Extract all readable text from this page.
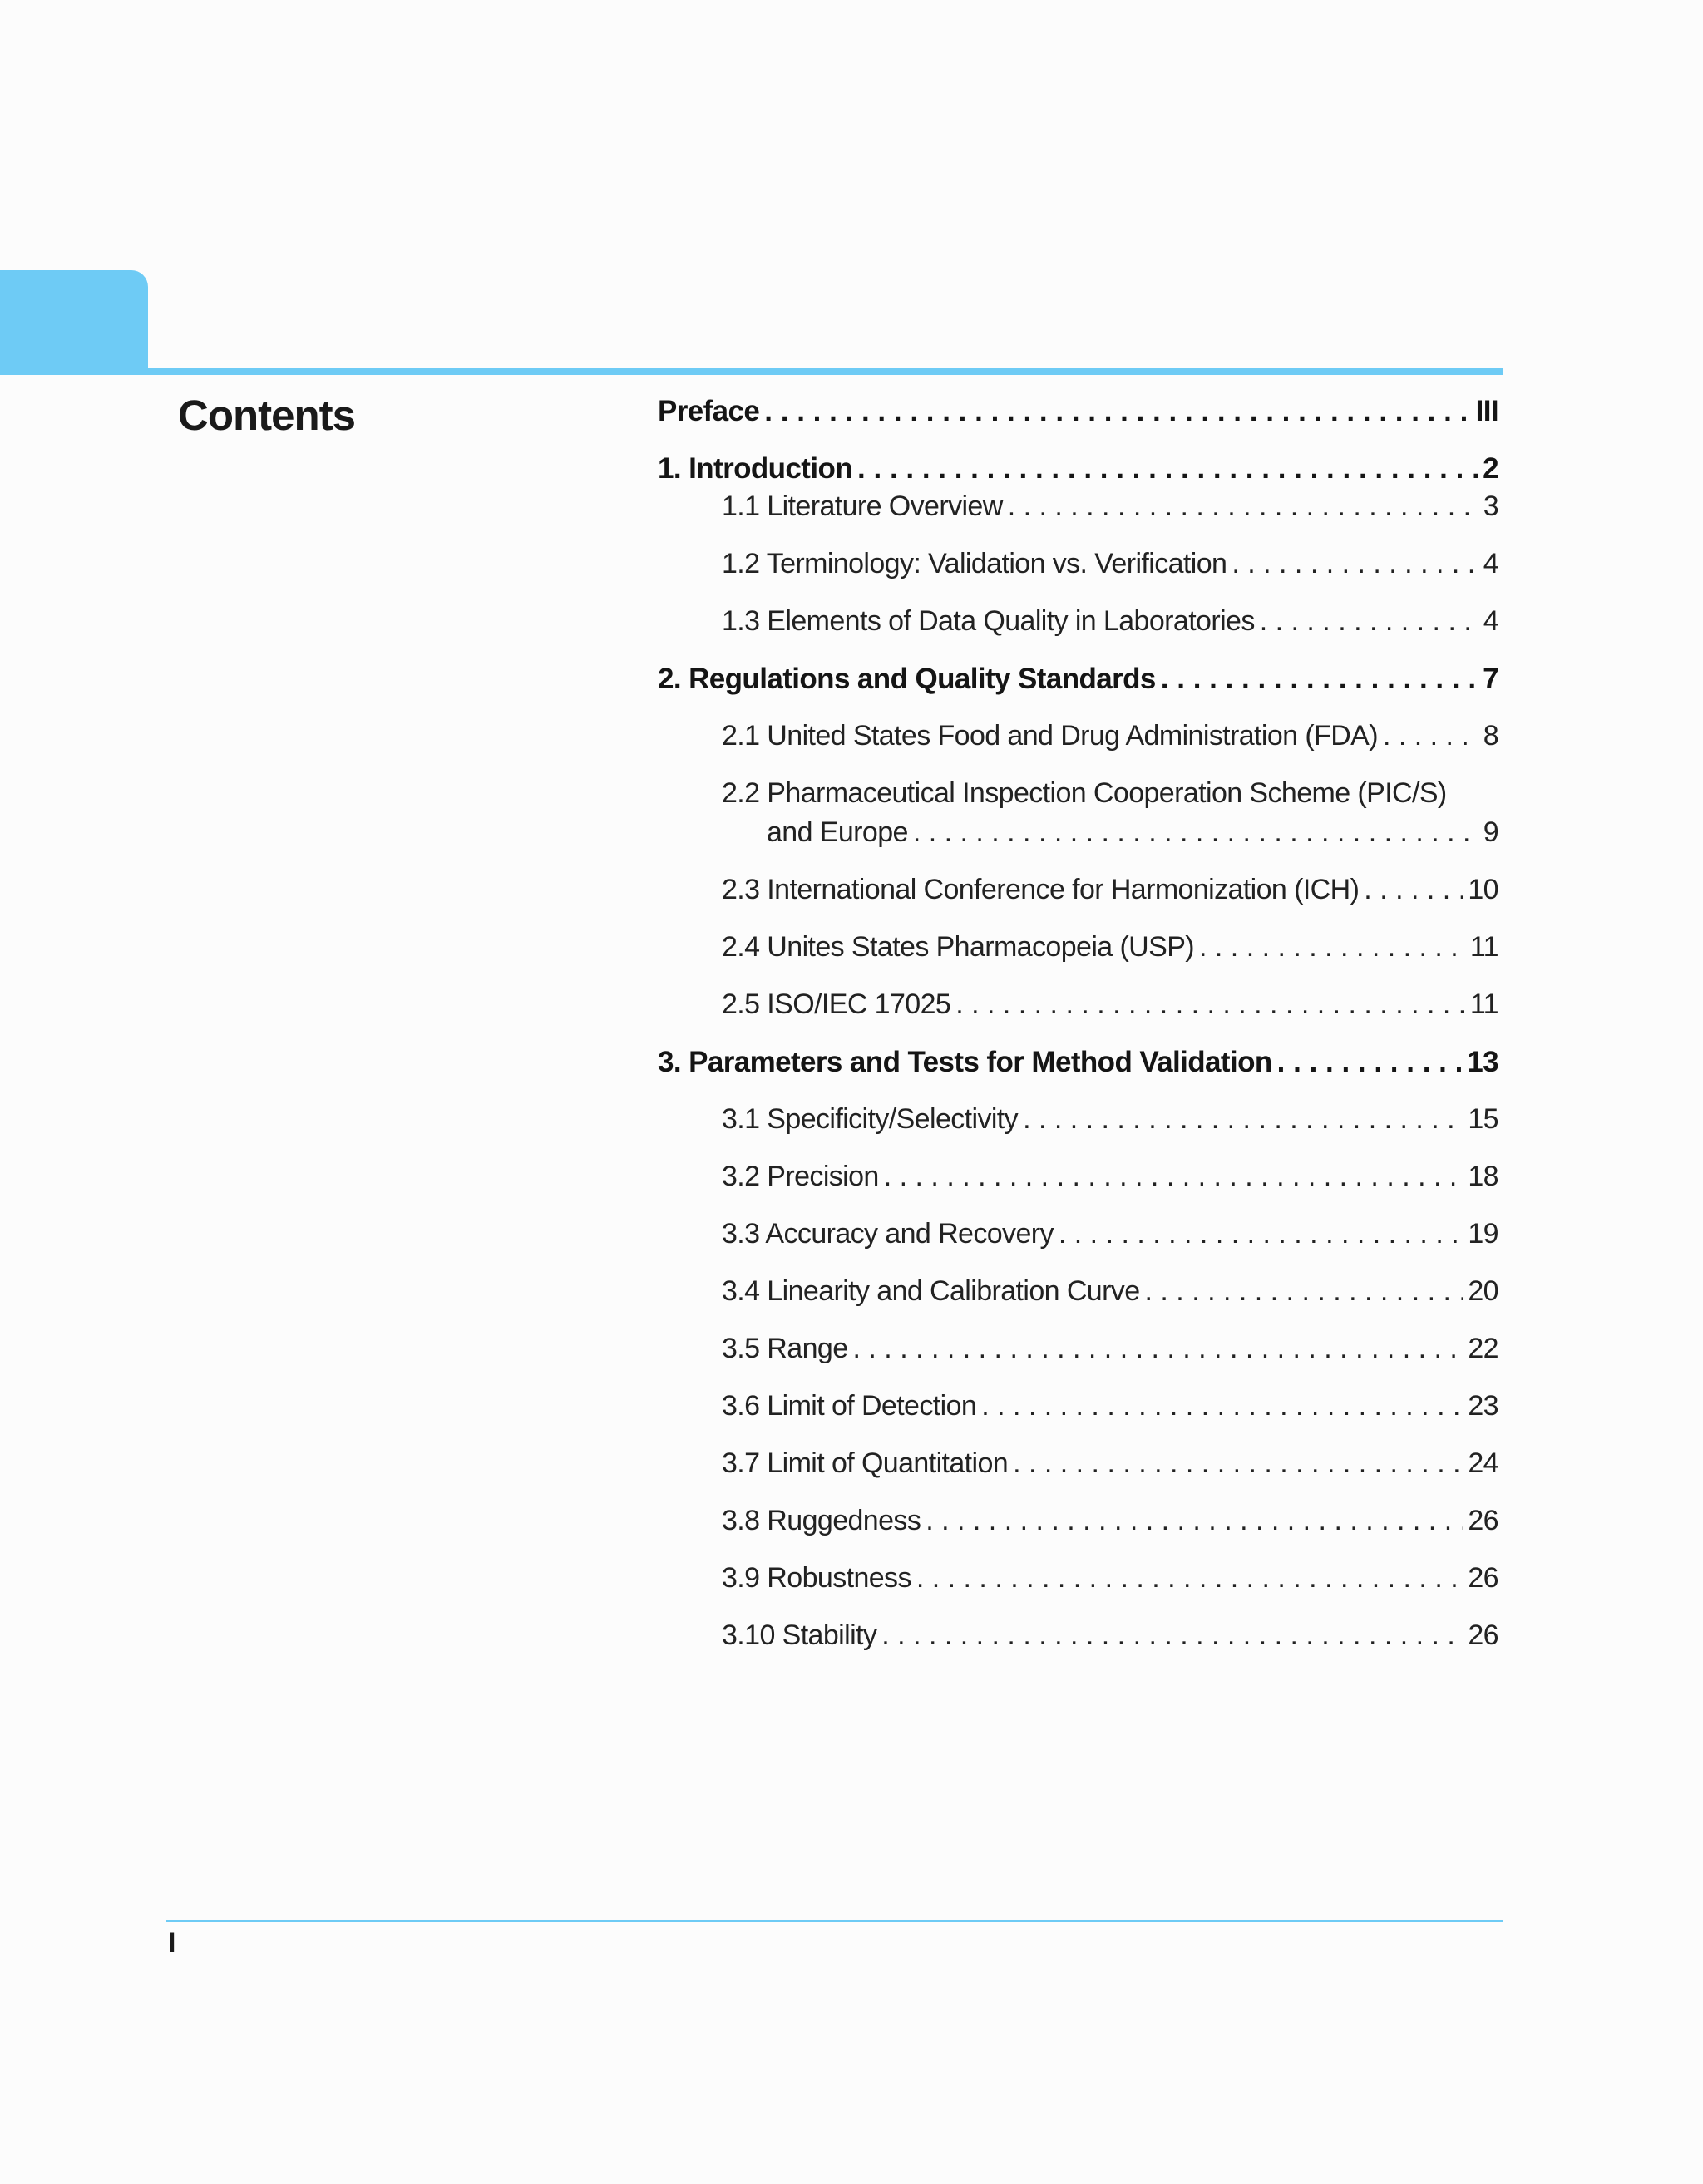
Contents	Preface . . .	III
1. Introduction . . .	2
1.1 Literature Overview . . .	3
1.2 Terminology: Validation vs. Verification . . .	4
1.3 Elements of Data Quality in Laboratories . . .	4
2. Regulations and Quality Standards . . .	7
2.1 United States Food and Drug Administration (FDA) . . .	8
2.2 Pharmaceutical Inspection Cooperation Scheme (PIC/S)
and Europe . . .	9
2.3 International Conference for Harmonization (ICH) . . .	10
2.4 Unites States Pharmacopeia (USP) . . .	11
2.5 ISO/IEC 17025 . . .	11
3. Parameters and Tests for Method Validation . . .	13
3.1 Specificity/Selectivity . . .	15
3.2 Precision . . .	18
3.3 Accuracy and Recovery . . .	19
3.4 Linearity and Calibration Curve . . .	20
3.5 Range . . .	22
3.6 Limit of Detection . . .	23
3.7 Limit of Quantitation . . .	24
3.8 Ruggedness . . .	26
3.9 Robustness . . .	26
3.10 Stability . . .	26
I
